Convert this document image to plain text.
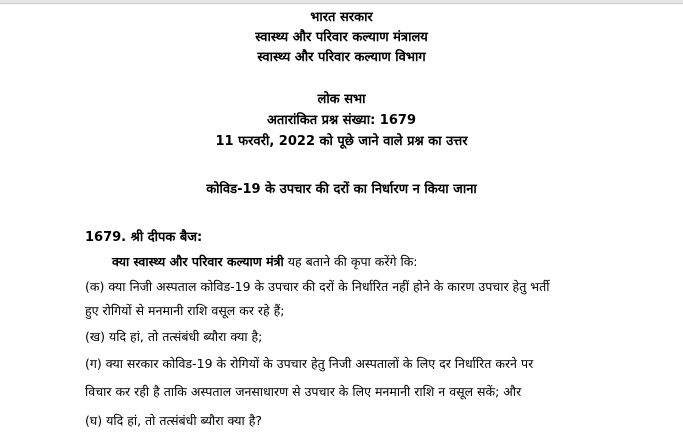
भारत सरकार
स्वास्थ्य और परिवार कल्याण मंत्रालय
स्वास्थ्य और परिवार कल्याण विभाग
लोक सभा
अतारांकित प्रश्न संख्या: 1679
11 फरवरी, 2022 को पूछे जाने वाले प्रश्न का उत्तर
कोविड-19 के उपचार की दरों का निर्धारण न किया जाना
1679. श्री दीपक बैज:
क्या स्वास्थ्य और परिवार कल्याण मंत्री यह बताने की कृपा करेंगे कि:
(क) क्या निजी अस्पताल कोविड-19 के उपचार की दरों के निर्धारित नहीं होने के कारण उपचार हेतु भर्ती
हुए रोगियों से मनमानी राशि वसूल कर रहे हैं;
(ख) यदि हां, तो तत्संबंधी ब्यौरा क्या है;
(ग) क्या सरकार कोविड-19 के रोगियों के उपचार हेतु निजी अस्पतालों के लिए दर निर्धारित करने पर
विचार कर रही है ताकि अस्पताल जनसाधारण से उपचार के लिए मनमानी राशि न वसूल सकें; और
(घ) यदि हां, तो तत्संबंधी ब्यौरा क्या है?
